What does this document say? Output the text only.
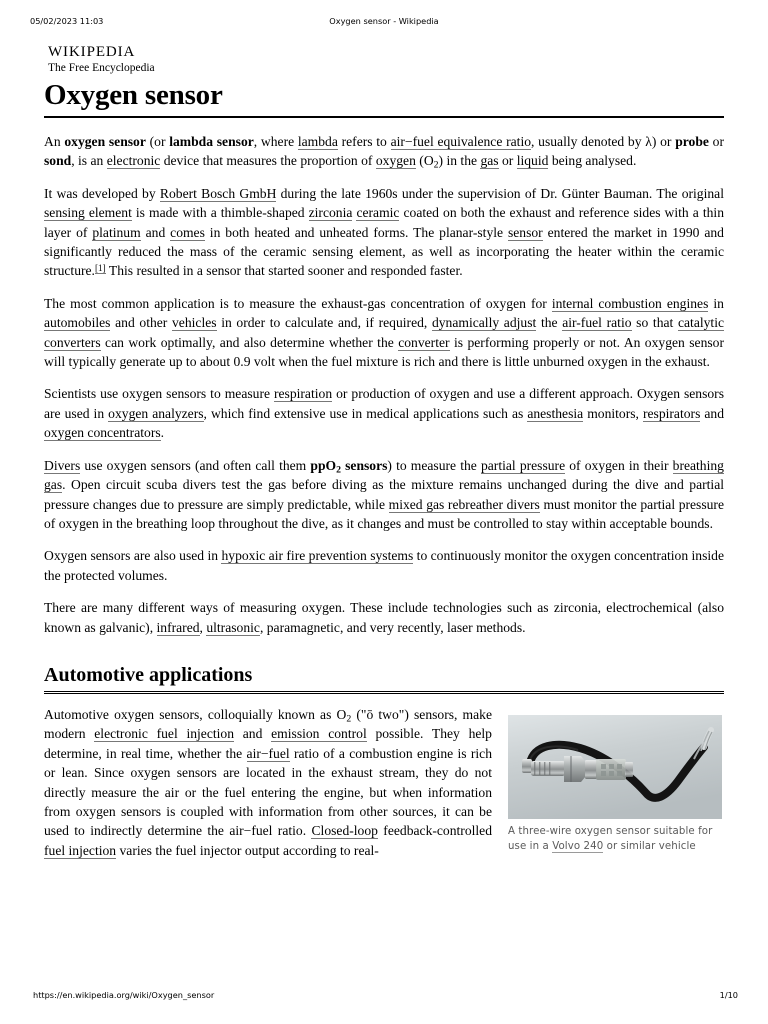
05/02/2023 11:03	Oxygen sensor - Wikipedia
wikipedia
The Free Encyclopedia
Oxygen sensor

An oxygen sensor (or lambda sensor, where lambda refers to air−fuel equivalence ratio, usually denoted by λ) or probe or sond, is an electronic device that measures the proportion of oxygen $(O_2)$ in the gas or liquid being analysed.

It was developed by Robert Bosch GmbH during the late 1960s under the supervision of Dr. Günter Bauman. The original sensing element is made with a thimble-shaped zirconia ceramic coated on both the exhaust and reference sides with a thin layer of platinum and comes in both heated and unheated forms. The planar-style sensor entered the market in 1990 and significantly reduced the mass of the ceramic sensing element, as well as incorporating the heater within the ceramic structure.[1] This resulted in a sensor that started sooner and responded faster.

The most common application is to measure the exhaust-gas concentration of oxygen for internal combustion engines in automobiles and other vehicles in order to calculate and, if required, dynamically adjust the air-fuel ratio so that catalytic converters can work optimally, and also determine whether the converter is performing properly or not. An oxygen sensor will typically generate up to about 0.9 volt when the fuel mixture is rich and there is little unburned oxygen in the exhaust.

Scientists use oxygen sensors to measure respiration or production of oxygen and use a different approach. Oxygen sensors are used in oxygen analyzers, which find extensive use in medical applications such as anesthesia monitors, respirators and oxygen concentrators.

Divers use oxygen sensors (and often call them ppO$_2$ sensors) to measure the partial pressure of oxygen in their breathing gas. Open circuit scuba divers test the gas before diving as the mixture remains unchanged during the dive and partial pressure changes due to pressure are simply predictable, while mixed gas rebreather divers must monitor the partial pressure of oxygen in the breathing loop throughout the dive, as it changes and must be controlled to stay within acceptable bounds.

Oxygen sensors are also used in hypoxic air fire prevention systems to continuously monitor the oxygen concentration inside the protected volumes.

There are many different ways of measuring oxygen. These include technologies such as zirconia, electrochemical (also known as galvanic), infrared, ultrasonic, paramagnetic, and very recently, laser methods.

Automotive applications
A three-wire oxygen sensor suitable for use in a Volvo 240 or similar vehicle

Automotive oxygen sensors, colloquially known as $O_2$ ("ō two") sensors, make modern electronic fuel injection and emission control possible. They help determine, in real time, whether the air−fuel ratio of a combustion engine is rich or lean. Since oxygen sensors are located in the exhaust stream, they do not directly measure the air or the fuel entering the engine, but when information from oxygen sensors is coupled with information from other sources, it can be used to indirectly determine the air−fuel ratio. Closed-loop feedback-controlled fuel injection varies the fuel injector output according to real-

https://en.wikipedia.org/wiki/Oxygen_sensor	1/10
